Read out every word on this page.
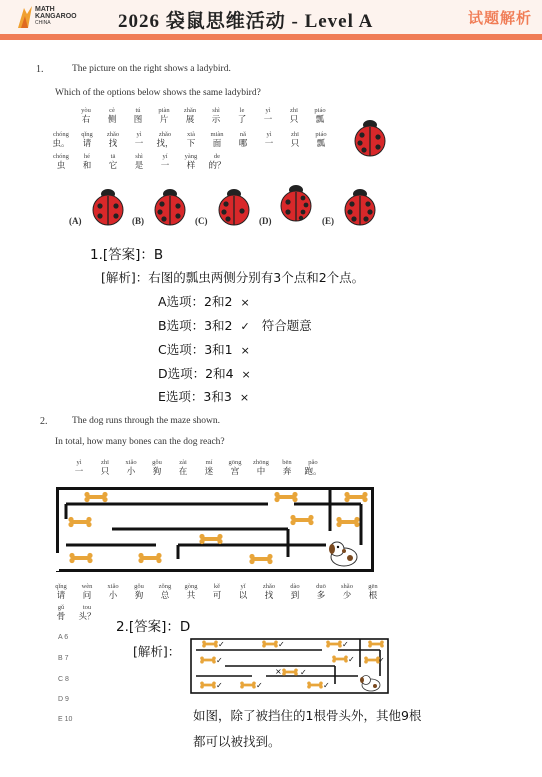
MATH
KANGAROO
CHINA	2026 袋鼠思维活动 - Level A	试题解析
1.	The picture on the right shows a ladybird.
Which of the options below shows the same ladybird?
yòu
右
cè
侧
tú
图
piàn
片
zhǎn
展
shì
示
le
了
yì
一
zhī
只
piáo
瓢
chóng
虫。
qǐng
请
zhǎo
找
yì
一
zhǎo
找，
xià
下
miàn
面
nǎ
哪
yì
一
zhī
只
piáo
瓢
chóng
虫
hé
和
tā
它
shì
是
yí
一
yàng
样
de
的？
(A)	(B)	(C)	(D)	(E)
1.[答案]：B
[解析]：右图的瓢虫两侧分别有3个点和2个点。
A选项：2和2 ×
B选项：3和2 ✓ 符合题意
C选项：3和1 ×
D选项：2和4 ×
E选项：3和3 ×
2.	The dog runs through the maze shown.
In total, how many bones can the dog reach?
yì
一
zhī
只
xiǎo
小
gǒu
狗
zài
在
mí
迷
gōng
宫
zhōng
中
bēn
奔
pǎo
跑。
qǐng
请
wèn
问
xiǎo
小
gǒu
狗
zǒng
总
gòng
共
kě
可
yǐ
以
zhǎo
找
dào
到
duō
多
shǎo
少
gēn
根
gǔ
骨
tou
头？
A 6
B 7
C 8
D 9
E 10
2.[答案]：D
[解析]：	✓	✓	✓
✓	✓	✓
× ✓
✓	✓	✓
如图，除了被挡住的1根骨头外，其他9根
都可以被找到。
